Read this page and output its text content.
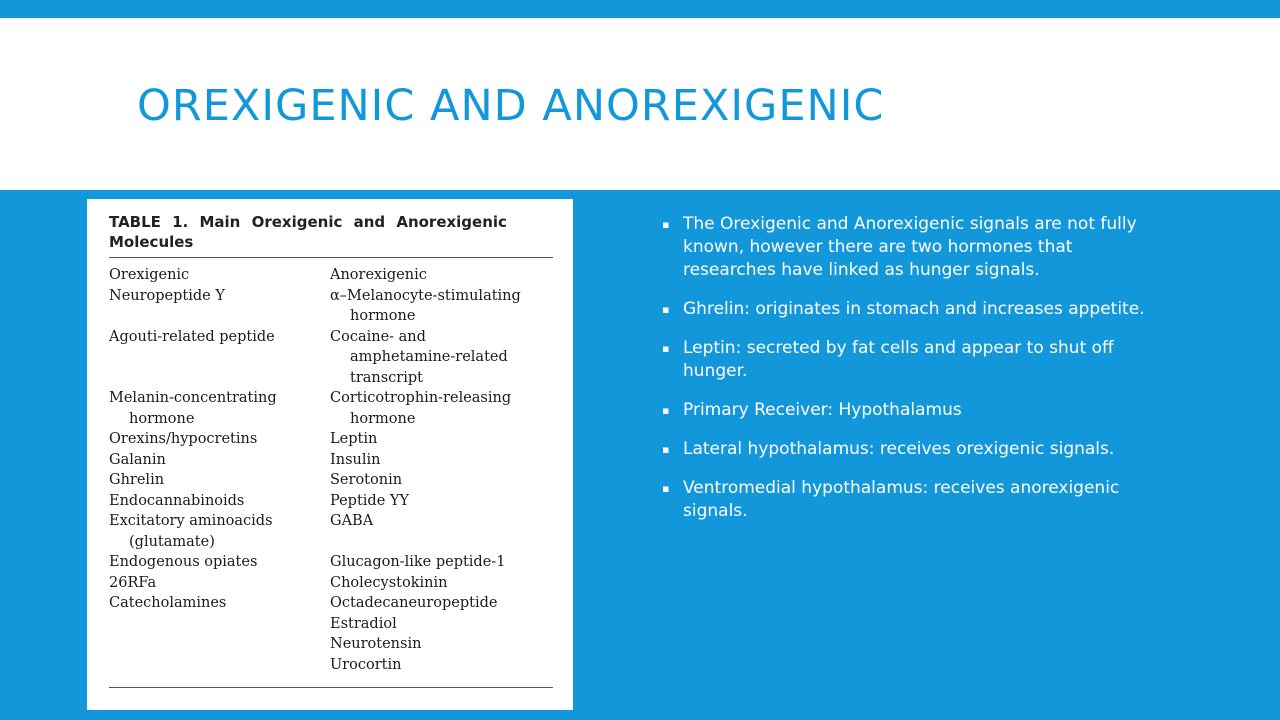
OREXIGENIC AND ANOREXIGENIC
TABLE 1. Main Orexigenic and Anorexigenic Molecules
Orexigenic
Neuropeptide Y
Agouti-related peptide
Melanin-concentrating
hormone
Orexins/hypocretins
Galanin
Ghrelin
Endocannabinoids
Excitatory aminoacids
(glutamate)
Endogenous opiates
26RFa
Catecholamines
Anorexigenic
α–Melanocyte-stimulating
hormone
Cocaine- and
amphetamine-related
transcript
Corticotrophin-releasing
hormone
Leptin
Insulin
Serotonin
Peptide YY
GABA
Glucagon-like peptide-1
Cholecystokinin
Octadecaneuropeptide
Estradiol
Neurotensin
Urocortin
▪ The Orexigenic and Anorexigenic signals are not fully known, however there are two hormones that researches have linked as hunger signals.
▪ Ghrelin: originates in stomach and increases appetite.
▪ Leptin: secreted by fat cells and appear to shut off hunger.
▪ Primary Receiver: Hypothalamus
▪ Lateral hypothalamus: receives orexigenic signals.
▪ Ventromedial hypothalamus: receives anorexigenic signals.
